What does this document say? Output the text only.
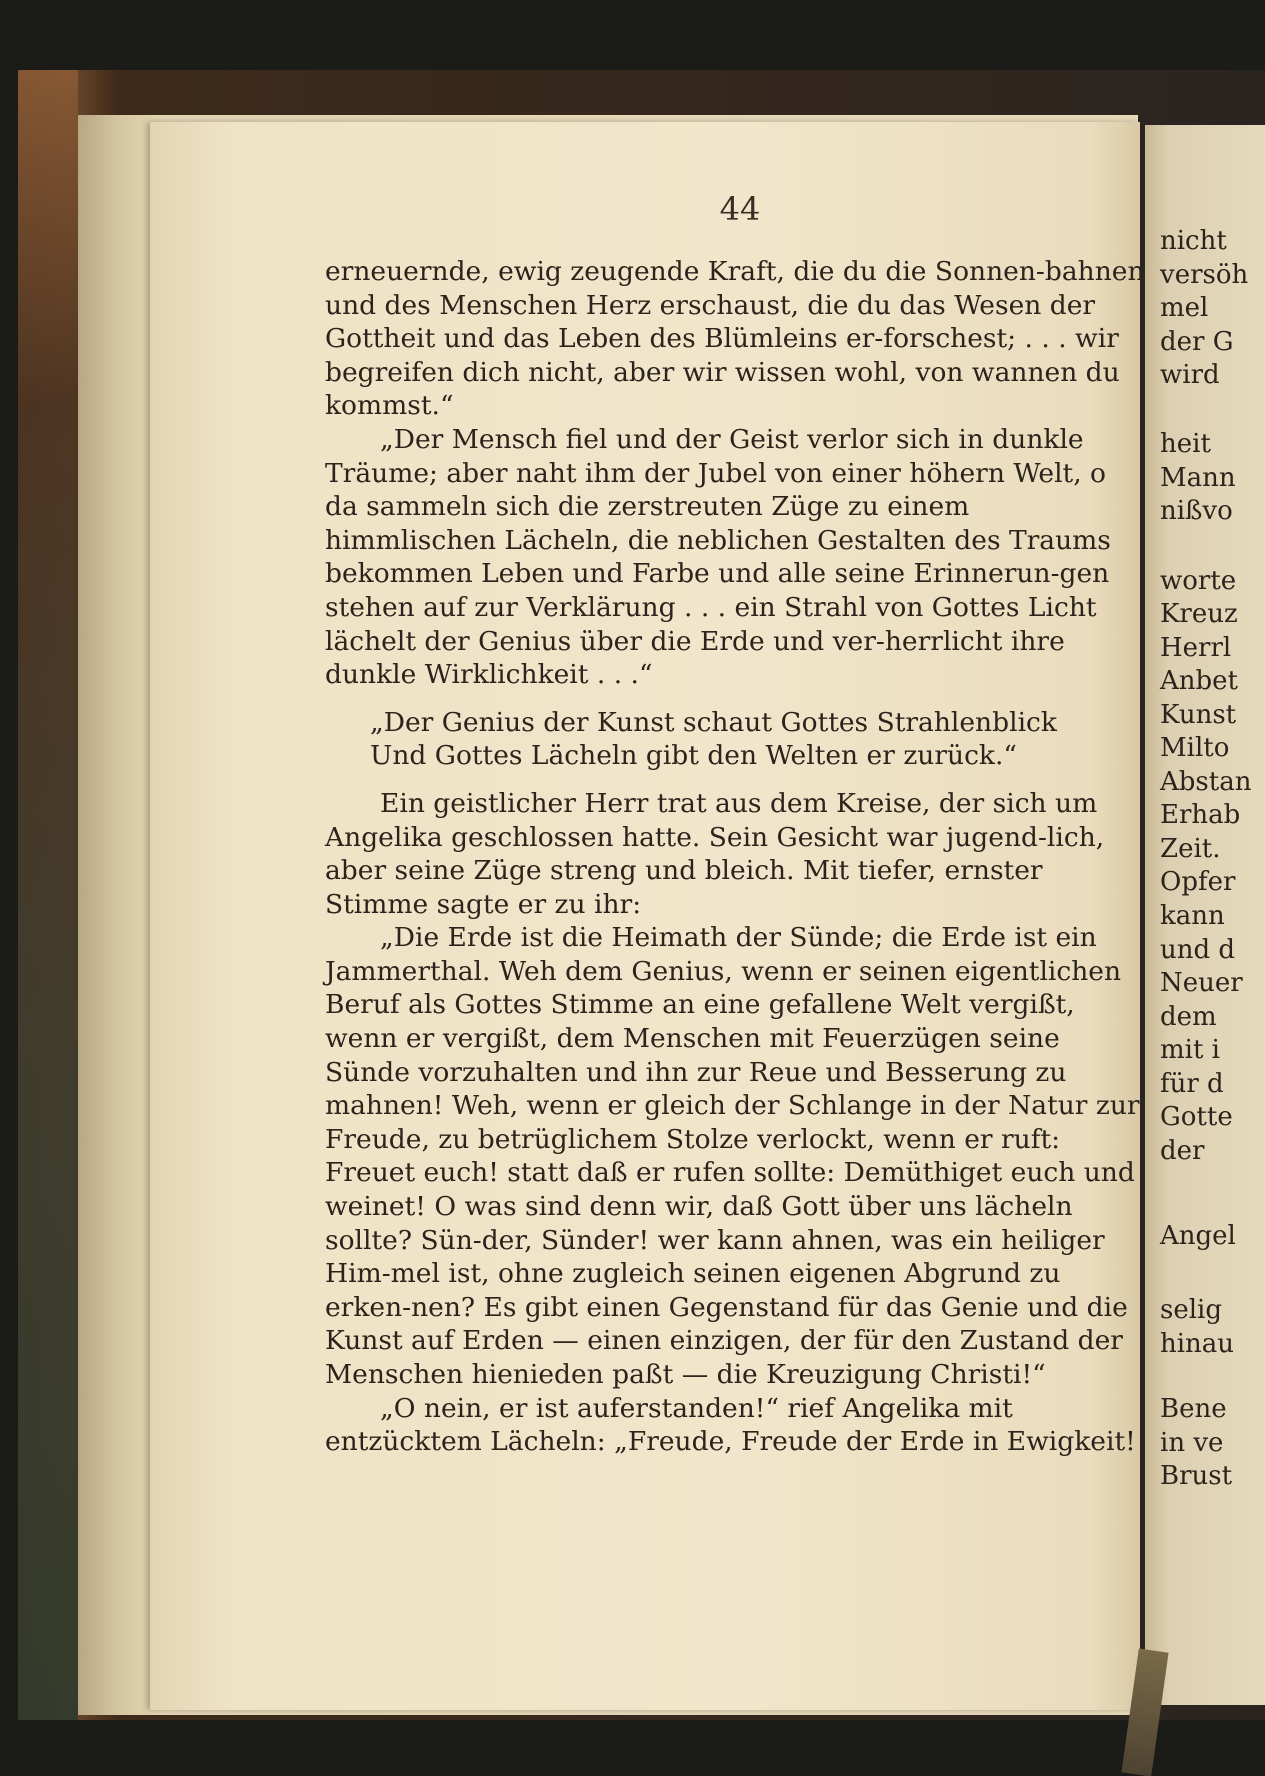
44

erneuernde, ewig zeugende Kraft, die du die Sonnen-bahnen und des Menschen Herz erschaust, die du das Wesen der Gottheit und das Leben des Blümleins er-forschest; . . . wir begreifen dich nicht, aber wir wissen wohl, von wannen du kommst.“

„Der Mensch fiel und der Geist verlor sich in dunkle Träume; aber naht ihm der Jubel von einer höhern Welt, o da sammeln sich die zerstreuten Züge zu einem himmlischen Lächeln, die neblichen Gestalten des Traums bekommen Leben und Farbe und alle seine Erinnerun-gen stehen auf zur Verklärung . . . ein Strahl von Gottes Licht lächelt der Genius über die Erde und ver-herrlicht ihre dunkle Wirklichkeit . . .“

„Der Genius der Kunst schaut Gottes Strahlenblick
Und Gottes Lächeln gibt den Welten er zurück.“

Ein geistlicher Herr trat aus dem Kreise, der sich um Angelika geschlossen hatte. Sein Gesicht war jugend-lich, aber seine Züge streng und bleich. Mit tiefer, ernster Stimme sagte er zu ihr:

„Die Erde ist die Heimath der Sünde; die Erde ist ein Jammerthal. Weh dem Genius, wenn er seinen eigentlichen Beruf als Gottes Stimme an eine gefallene Welt vergißt, wenn er vergißt, dem Menschen mit Feuerzügen seine Sünde vorzuhalten und ihn zur Reue und Besserung zu mahnen! Weh, wenn er gleich der Schlange in der Natur zur Freude, zu betrüglichem Stolze verlockt, wenn er ruft: Freuet euch! statt daß er rufen sollte: Demüthiget euch und weinet! O was sind denn wir, daß Gott über uns lächeln sollte? Sün-der, Sünder! wer kann ahnen, was ein heiliger Him-mel ist, ohne zugleich seinen eigenen Abgrund zu erken-nen? Es gibt einen Gegenstand für das Genie und die Kunst auf Erden — einen einzigen, der für den Zustand der Menschen hienieden paßt — die Kreuzigung Christi!“

„O nein, er ist auferstanden!“ rief Angelika mit entzücktem Lächeln: „Freude, Freude der Erde in Ewigkeit!

nicht
versöh
mel
der G
wird
heit
Mann
nißvo
worte
Kreuz
Herrl
Anbet
Kunst
Milto
Abstan
Erhab
Zeit.
Opfer
kann
und d
Neuer
dem
mit i
für d
Gotte
der
Angel
selig
hinau
Bene
in ve
Brust
